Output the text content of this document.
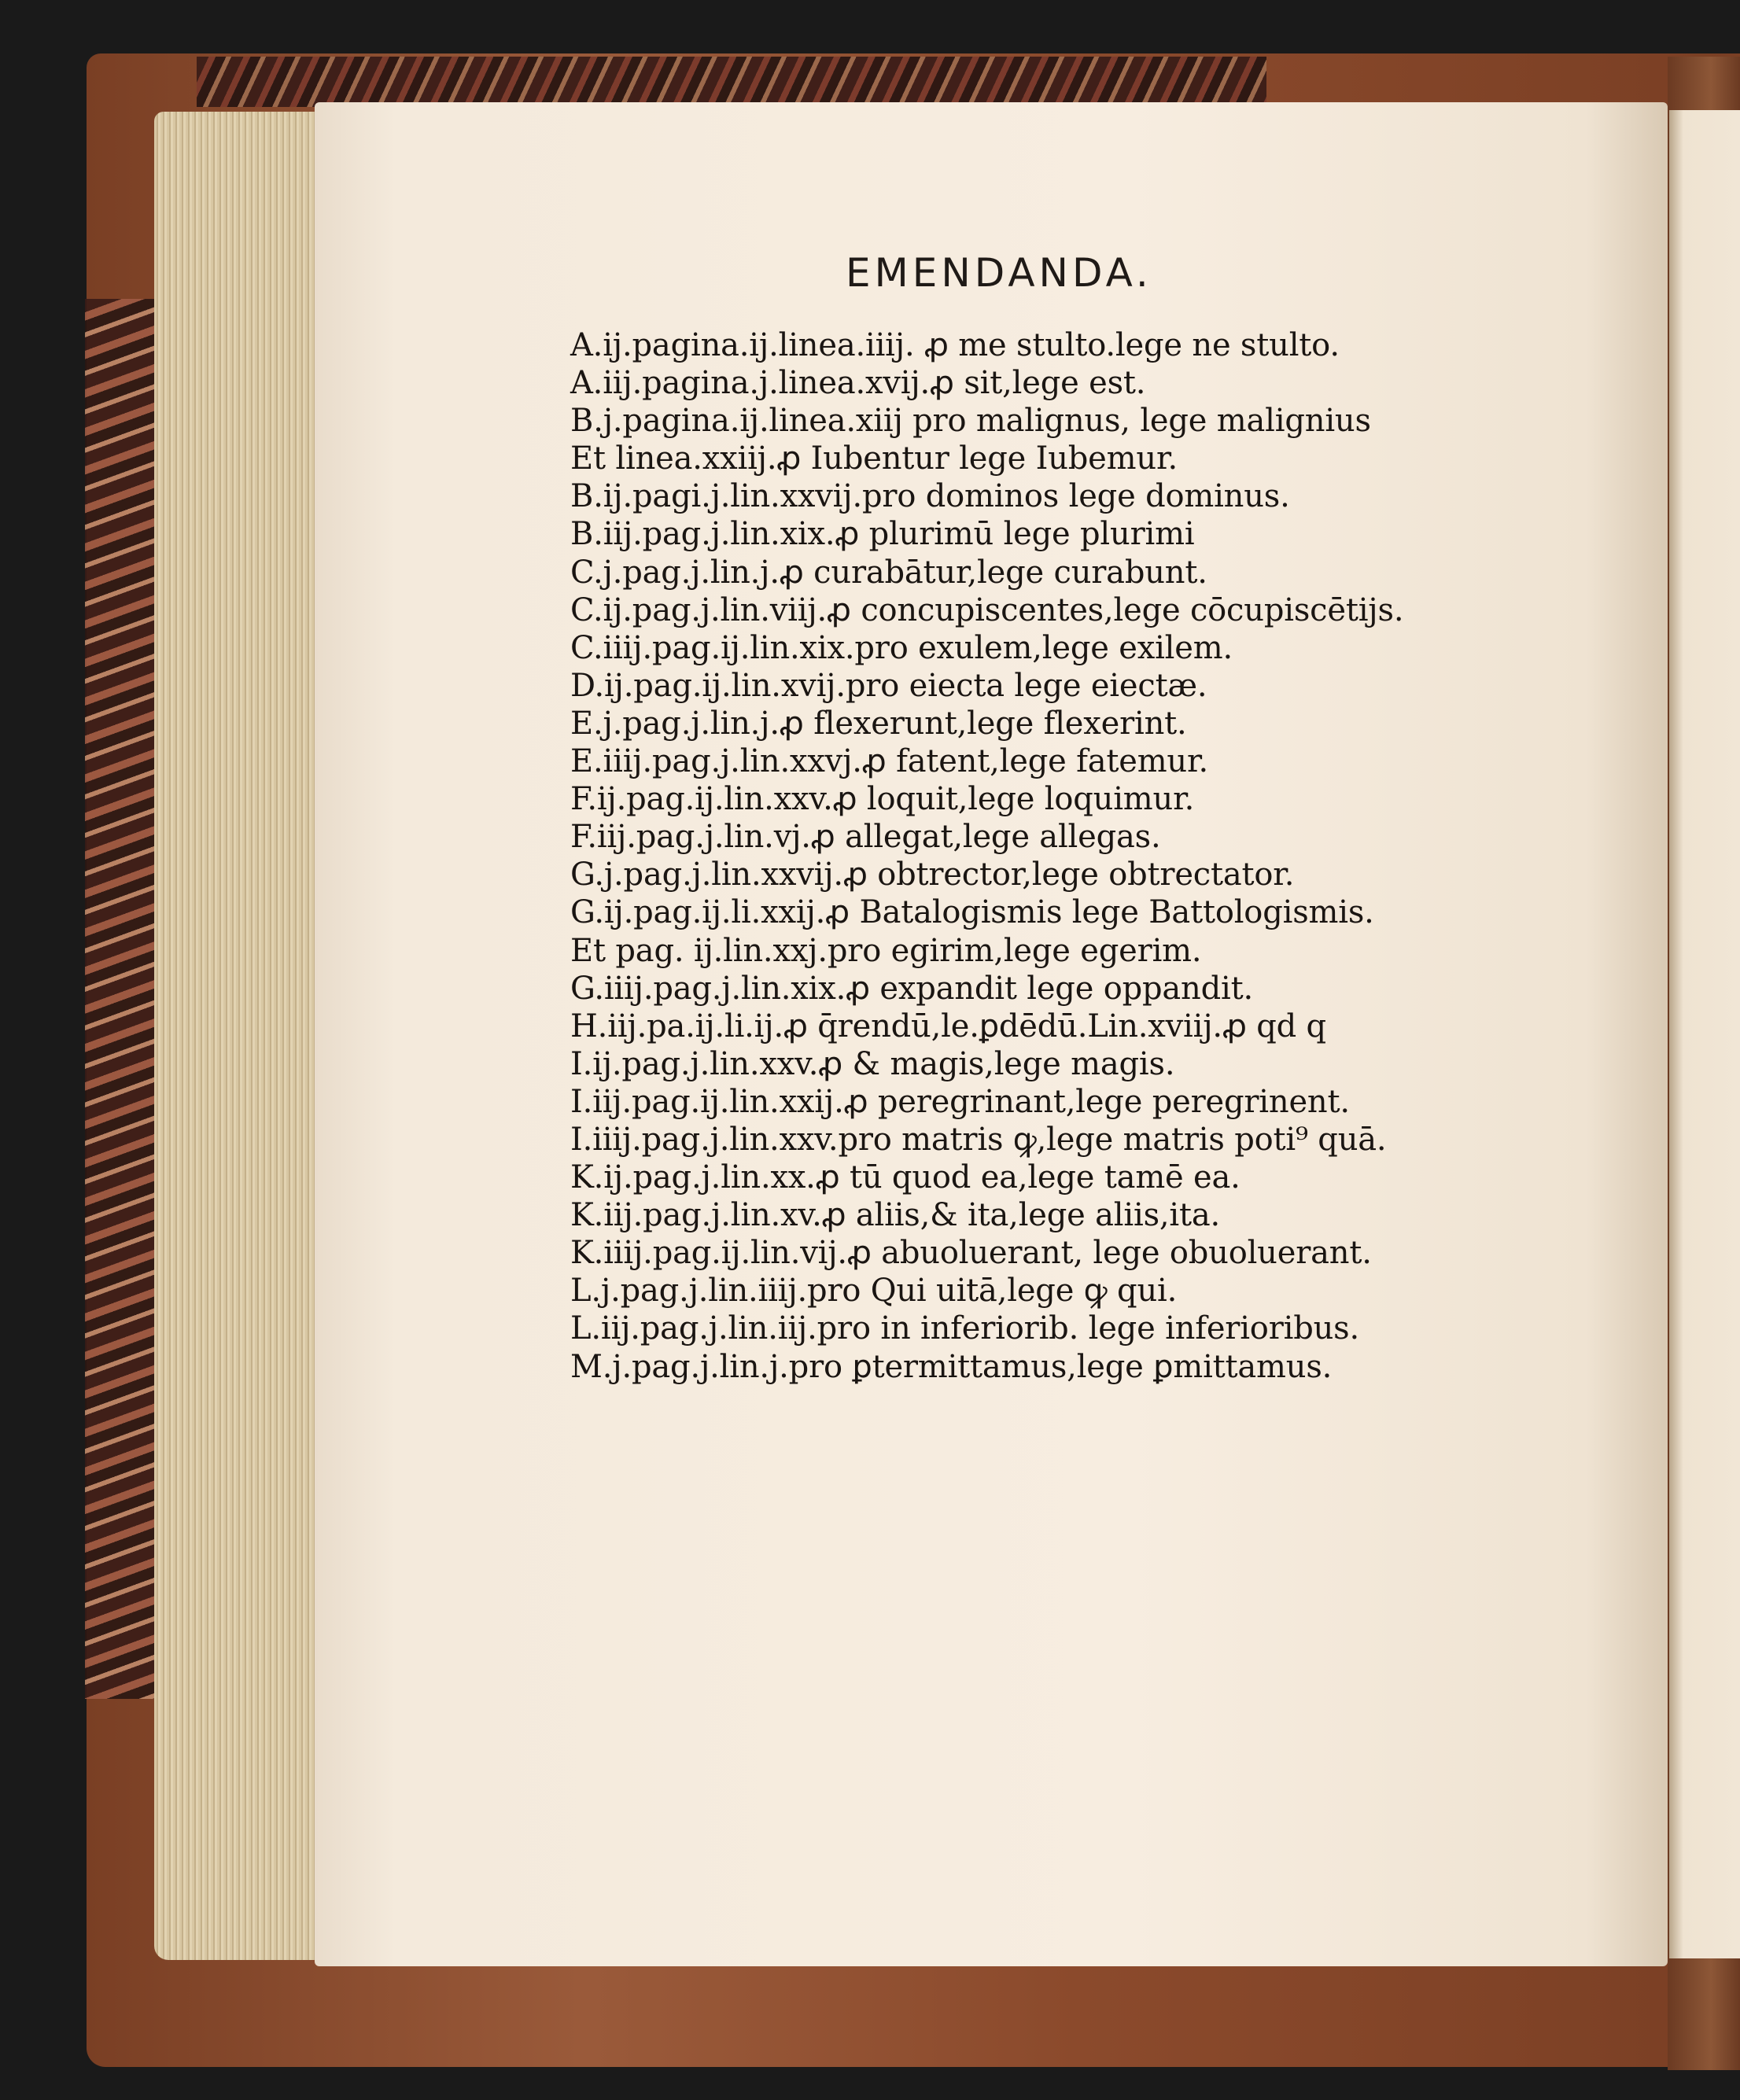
EMENDANDA.
A.ij.pagina.ij.linea.iiij. ꝓ me stulto.lege ne stulto.
A.iij.pagina.j.linea.xvij.ꝓ sit,lege est.
B.j.pagina.ij.linea.xiij pro malignus, lege malignius
Et linea.xxiij.ꝓ Iubentur lege Iubemur.
B.ij.pagi.j.lin.xxvij.pro dominos lege dominus.
B.iij.pag.j.lin.xix.ꝓ plurimū lege plurimi
C.j.pag.j.lin.j.ꝓ curabātur,lege curabunt.
C.ij.pag.j.lin.viij.ꝓ concupiscentes,lege cōcupiscētijs.
C.iiij.pag.ij.lin.xix.pro exulem,lege exilem.
D.ij.pag.ij.lin.xvij.pro eiecta lege eiectæ.
E.j.pag.j.lin.j.ꝓ flexerunt,lege flexerint.
E.iiij.pag.j.lin.xxvj.ꝓ fatent,lege fatemur.
F.ij.pag.ij.lin.xxv.ꝓ loquit,lege loquimur.
F.iij.pag.j.lin.vj.ꝓ allegat,lege allegas.
G.j.pag.j.lin.xxvij.ꝓ obtrector,lege obtrectator.
G.ij.pag.ij.li.xxij.ꝓ Batalogismis lege Battologismis.
Et pag. ij.lin.xxj.pro egirim,lege egerim.
G.iiij.pag.j.lin.xix.ꝓ expandit lege oppandit.
H.iij.pa.ij.li.ij.ꝓ q̄rendū,le.ꝑdēdū.Lin.xviij.ꝓ qd q
I.ij.pag.j.lin.xxv.ꝓ & magis,lege magis.
I.iij.pag.ij.lin.xxij.ꝓ peregrinant,lege peregrinent.
I.iiij.pag.j.lin.xxv.pro matris ꝙ,lege matris poti⁹ quā.
K.ij.pag.j.lin.xx.ꝓ tū quod ea,lege tamē ea.
K.iij.pag.j.lin.xv.ꝓ aliis,& ita,lege aliis,ita.
K.iiij.pag.ij.lin.vij.ꝓ abuoluerant, lege obuoluerant.
L.j.pag.j.lin.iiij.pro Qui uitā,lege ꝙ qui.
L.iij.pag.j.lin.iij.pro in inferiorib. lege inferioribus.
M.j.pag.j.lin.j.pro ꝑtermittamus,lege ꝑmittamus.
